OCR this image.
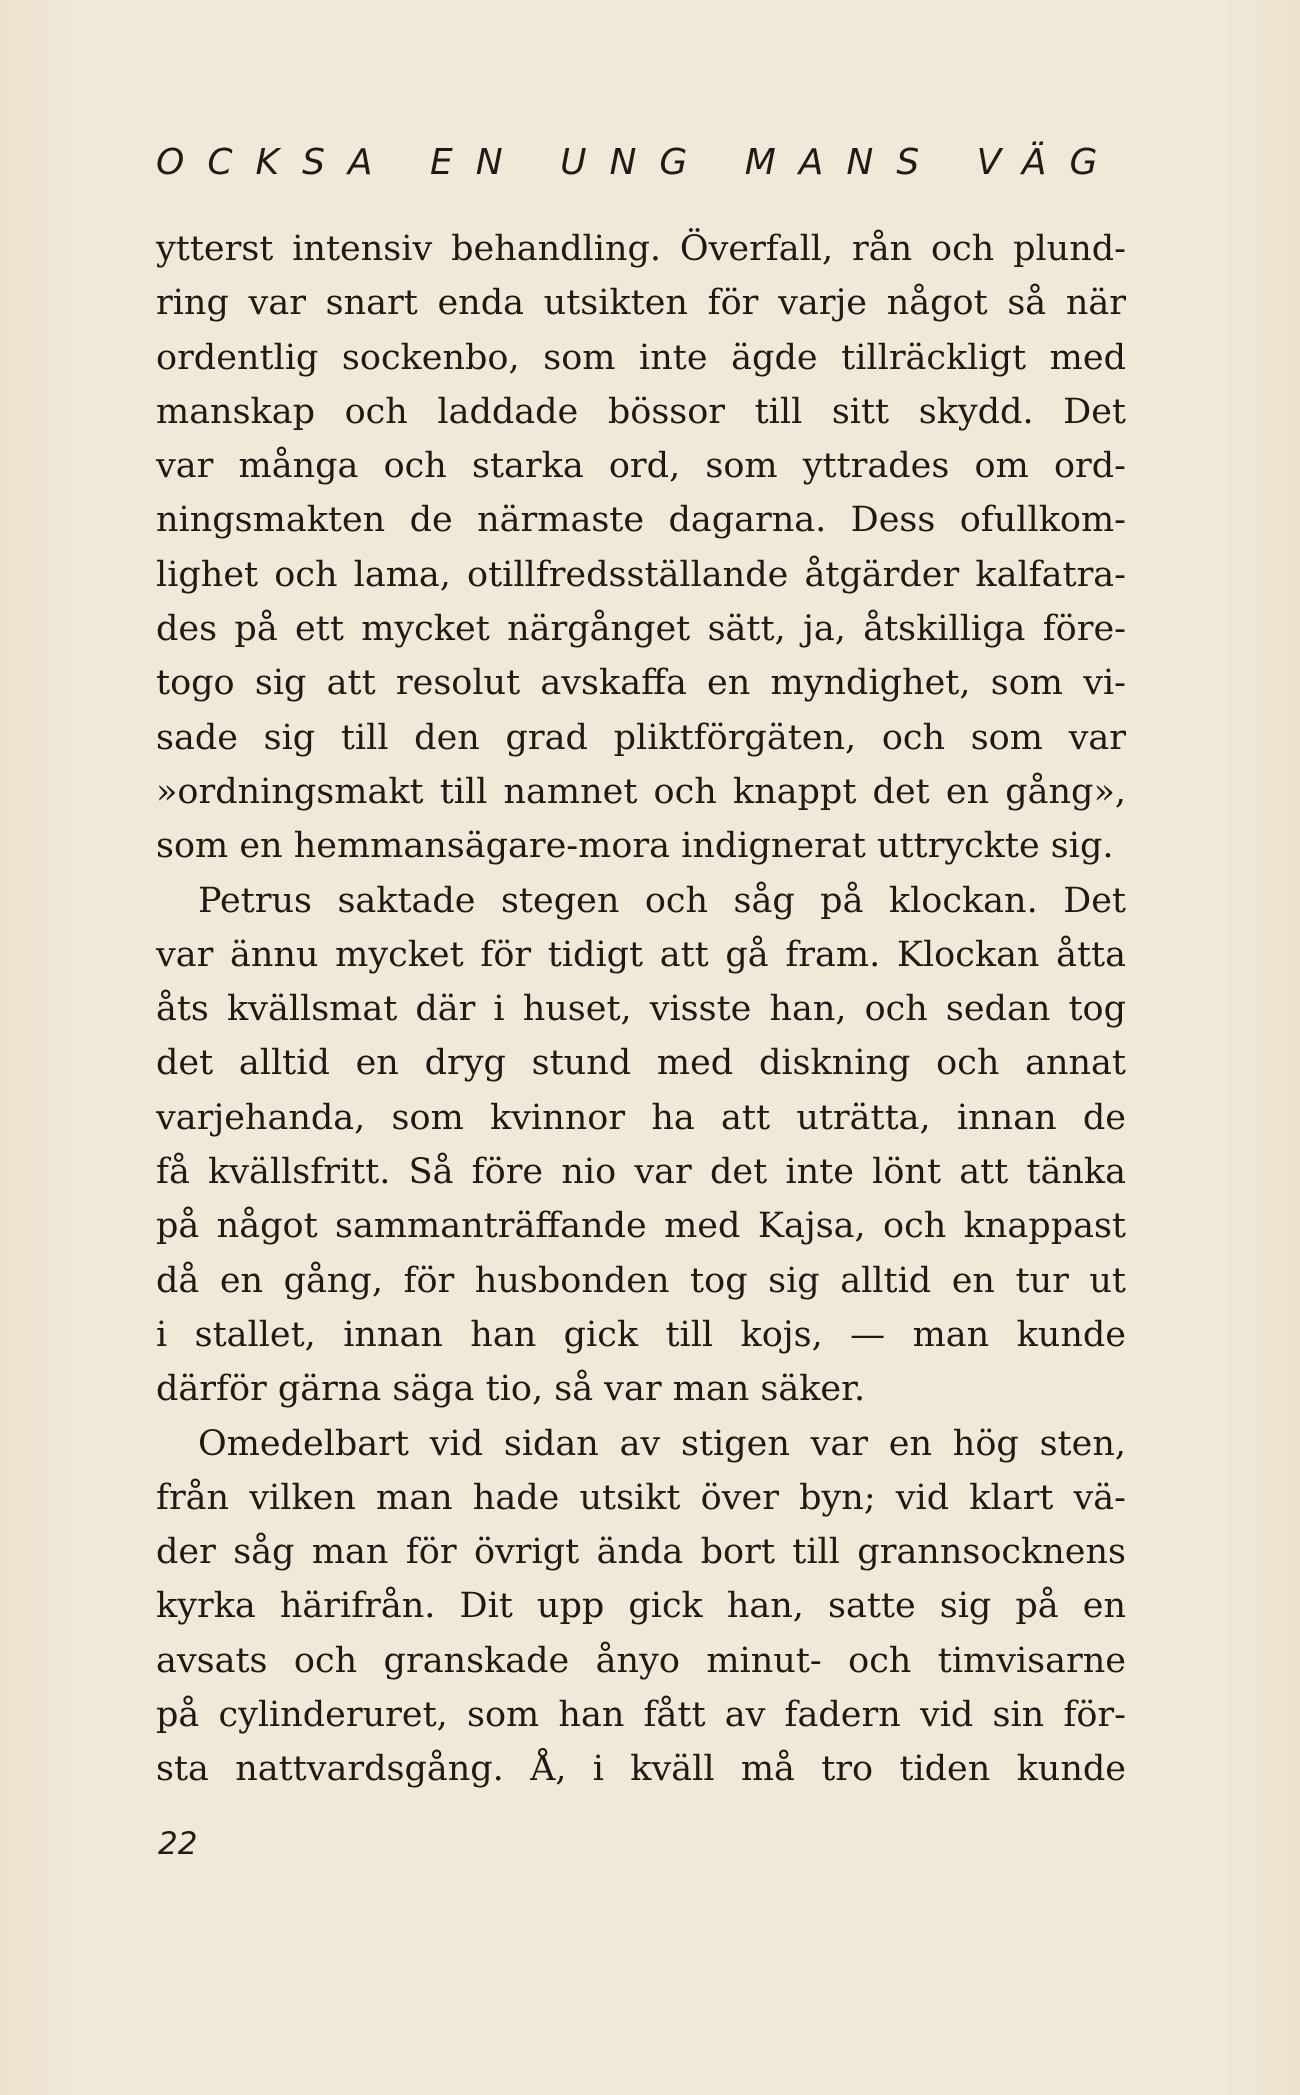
OCKSA EN UNG MANS VÄG
ytterst intensiv behandling. Överfall, rån och plund-
ring var snart enda utsikten för varje något så när
ordentlig sockenbo, som inte ägde tillräckligt med
manskap och laddade bössor till sitt skydd. Det
var många och starka ord, som yttrades om ord-
ningsmakten de närmaste dagarna. Dess ofullkom-
lighet och lama, otillfredsställande åtgärder kalfatra-
des på ett mycket närgånget sätt, ja, åtskilliga före-
togo sig att resolut avskaffa en myndighet, som vi-
sade sig till den grad pliktförgäten, och som var
»ordningsmakt till namnet och knappt det en gång»,
som en hemmansägare-mora indignerat uttryckte sig.
Petrus saktade stegen och såg på klockan. Det
var ännu mycket för tidigt att gå fram. Klockan åtta
åts kvällsmat där i huset, visste han, och sedan tog
det alltid en dryg stund med diskning och annat
varjehanda, som kvinnor ha att uträtta, innan de
få kvällsfritt. Så före nio var det inte lönt att tänka
på något sammanträffande med Kajsa, och knappast
då en gång, för husbonden tog sig alltid en tur ut
i stallet, innan han gick till kojs, — man kunde
därför gärna säga tio, så var man säker.
Omedelbart vid sidan av stigen var en hög sten,
från vilken man hade utsikt över byn; vid klart vä-
der såg man för övrigt ända bort till grannsocknens
kyrka härifrån. Dit upp gick han, satte sig på en
avsats och granskade ånyo minut- och timvisarne
på cylinderuret, som han fått av fadern vid sin för-
sta nattvardsgång. Å, i kväll må tro tiden kunde
22
